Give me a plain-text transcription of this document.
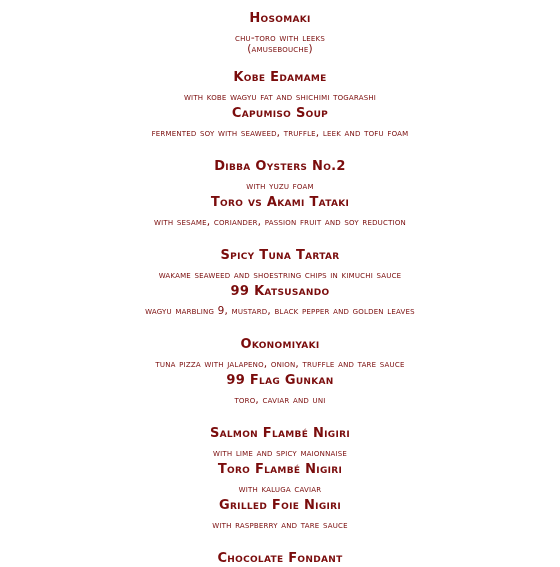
Hosomaki
chu-toro with leeks
(amusebouche)
Kobe Edamame
with kobe wagyu fat and shichimi togarashi
Capumiso Soup
fermented soy with seaweed, truffle, leek and tofu foam
Dibba Oysters No.2
with yuzu foam
Toro vs Akami Tataki
with sesame, coriander, passion fruit and soy reduction
Spicy Tuna Tartar
wakame seaweed and shoestring chips in kimuchi sauce
99 Katsusando
wagyu marbling 9, mustard, black pepper and golden leaves
Okonomiyaki
tuna pizza with jalapeno, onion, truffle and tare sauce
99 Flag Gunkan
toro, caviar and uni
Salmon Flambé Nigiri
with lime and spicy maionnaise
Toro Flambé Nigiri
with kaluga caviar
Grilled Foie Nigiri
with raspberry and tare sauce
Chocolate Fondant
